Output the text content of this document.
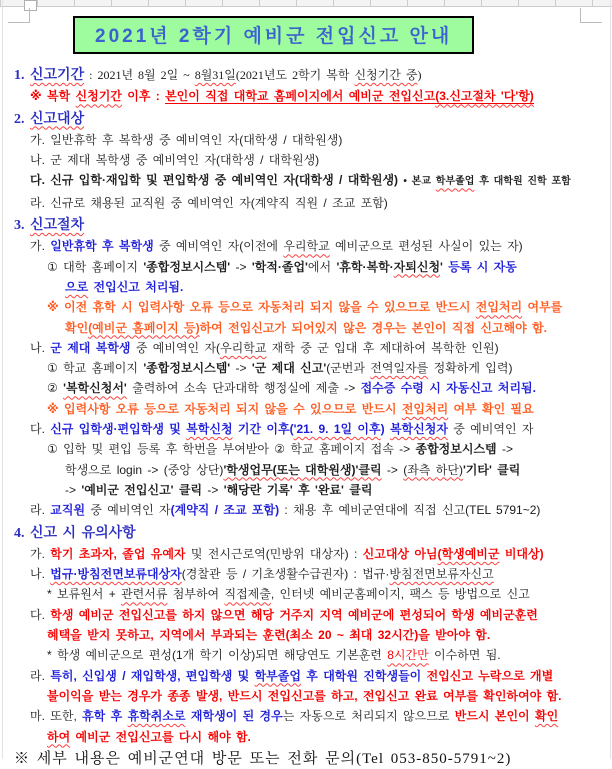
2021년 2학기 예비군 전입신고 안내

1. 신고기간 : 2021년 8월 2일 ~ 8월31일(2021년도 2학기 복학 신청기간 중)

※ 복학 신청기간 이후 : 본인이 직접 대학교 홈페이지에서 예비군 전입신고(3.신고절차 '다'항)

2. 신고대상

가. 일반휴학 후 복학생 중 예비역인 자(대학생 / 대학원생)

나. 군 제대 복학생 중 예비역인 자(대학생 / 대학원생)

다. 신규 입학·재입학 및 편입학생 중 예비역인 자(대학생 / 대학원생) • 본교 학부졸업 후 대학원 진학 포함

라. 신규로 채용된 교직원 중 예비역인 자(계약직 직원 / 조교 포함)

3. 신고절차

가. 일반휴학 후 복학생 중 예비역인 자(이전에 우리학교 예비군으로 편성된 사실이 있는 자)

① 대학 홈페이지 '종합정보시스템' -> '학적·졸업'에서 '휴학·복학·자퇴신청' 등록 시 자동

으로 전입신고 처리됨.

※ 이전 휴학 시 입력사항 오류 등으로 자동처리 되지 않을 수 있으므로 반드시 전입처리 여부를

확인(예비군 홈페이지 등)하여 전입신고가 되어있지 않은 경우는 본인이 직접 신고해야 함.

나. 군 제대 복학생 중 예비역인 자(우리학교 재학 중 군 입대 후 제대하여 복학한 인원)

① 학교 홈페이지 '종합정보시스템' -> '군 제대 신고'(군번과 전역일자를 정확하게 입력)

② '복학신청서' 출력하여 소속 단과대학 행정실에 제출 -> 접수증 수령 시 자동신고 처리됨.

※ 입력사항 오류 등으로 자동처리 되지 않을 수 있으므로 반드시 전입처리 여부 확인 필요

다. 신규 입학생·편입학생 및 복학신청 기간 이후('21. 9. 1일 이후) 복학신청자 중 예비역인 자

① 입학 및 편입 등록 후 학번을 부여받아 ② 학교 홈페이지 접속 -> 종합정보시스템 ->

학생으로 login -> (중앙 상단)'학생업무(또는 대학원생)'클릭 -> (좌측 하단)'기타' 클릭

-> '예비군 전입신고' 클릭 -> '해당란 기록' 후 '완료' 클릭

라. 교직원 중 예비역인 자(계약직 / 조교 포함) : 채용 후 예비군연대에 직접 신고(TEL 5791~2)

4. 신고 시 유의사항

가. 학기 초과자, 졸업 유예자 및 전시근로역(민방위 대상자) : 신고대상 아님(학생예비군 비대상)

나. 법규·방침전면보류대상자(경찰관 등 / 기초생활수급권자) : 법규·방침전면보류자신고

* 보류원서 + 관련서류 첨부하여 직접제출, 인터넷 예비군홈페이지, 팩스 등 방법으로 신고

다. 학생 예비군 전입신고를 하지 않으면 해당 거주지 지역 예비군에 편성되어 학생 예비군훈련

혜택을 받지 못하고, 지역에서 부과되는 훈련(최소 20 ~ 최대 32시간)을 받아야 함.

* 학생 예비군으로 편성(1개 학기 이상)되면 해당연도 기본훈련 8시간만 이수하면 됨.

라. 특히, 신입생 / 재입학생, 편입학생 및 학부졸업 후 대학원 진학생들이 전입신고 누락으로 개별

불이익을 받는 경우가 종종 발생, 반드시 전입신고를 하고, 전입신고 완료 여부를 확인하여야 함.

마. 또한, 휴학 후 휴학취소로 재학생이 된 경우는 자동으로 처리되지 않으므로 반드시 본인이 확인

하여 예비군 전입신고를 다시 해야 함.

※ 세부 내용은 예비군연대 방문 또는 전화 문의(Tel 053-850-5791~2)
